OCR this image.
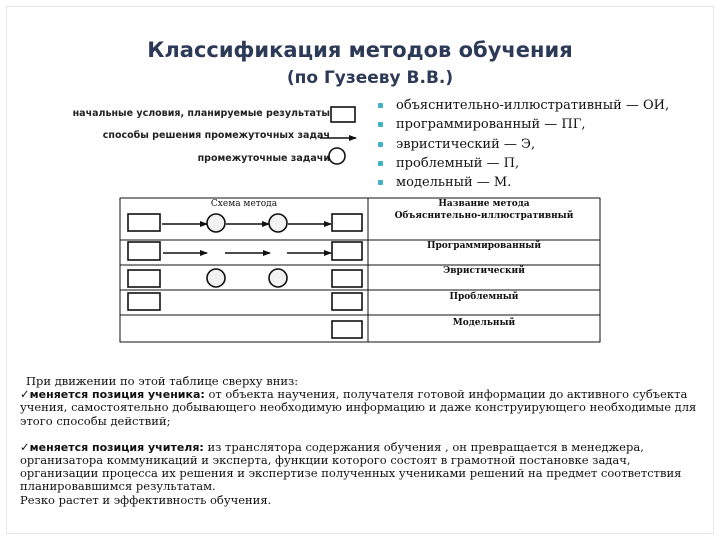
Классификация методов обучения
(по Гузееву В.В.)
начальные условия, планируемые результаты
способы решения промежуточных задач
промежуточные задачи
объяснительно-иллюстративный — ОИ,
программированный — ПГ,
эвристический — Э,
проблемный — П,
модельный — М.
Схема метода	Название метода
Объяснительно-иллюстративный
Программированный
Эвристический
Проблемный
Модельный

При движении по этой таблице сверху вниз:

✓меняется позиция ученика: от объекта научения, получателя готовой информации до активного субъекта учения, самостоятельно добывающего необходимую информацию и даже конструирующего необходимые для этого способы действий;

✓меняется позиция учителя: из транслятора содержания обучения , он превращается в менеджера, организатора коммуникаций и эксперта, функции которого состоят в грамотной постановке задач, организации процесса их решения и экспертизе полученных учениками решений на предмет соответствия планировавшимся результатам.

Резко растет и эффективность обучения.
